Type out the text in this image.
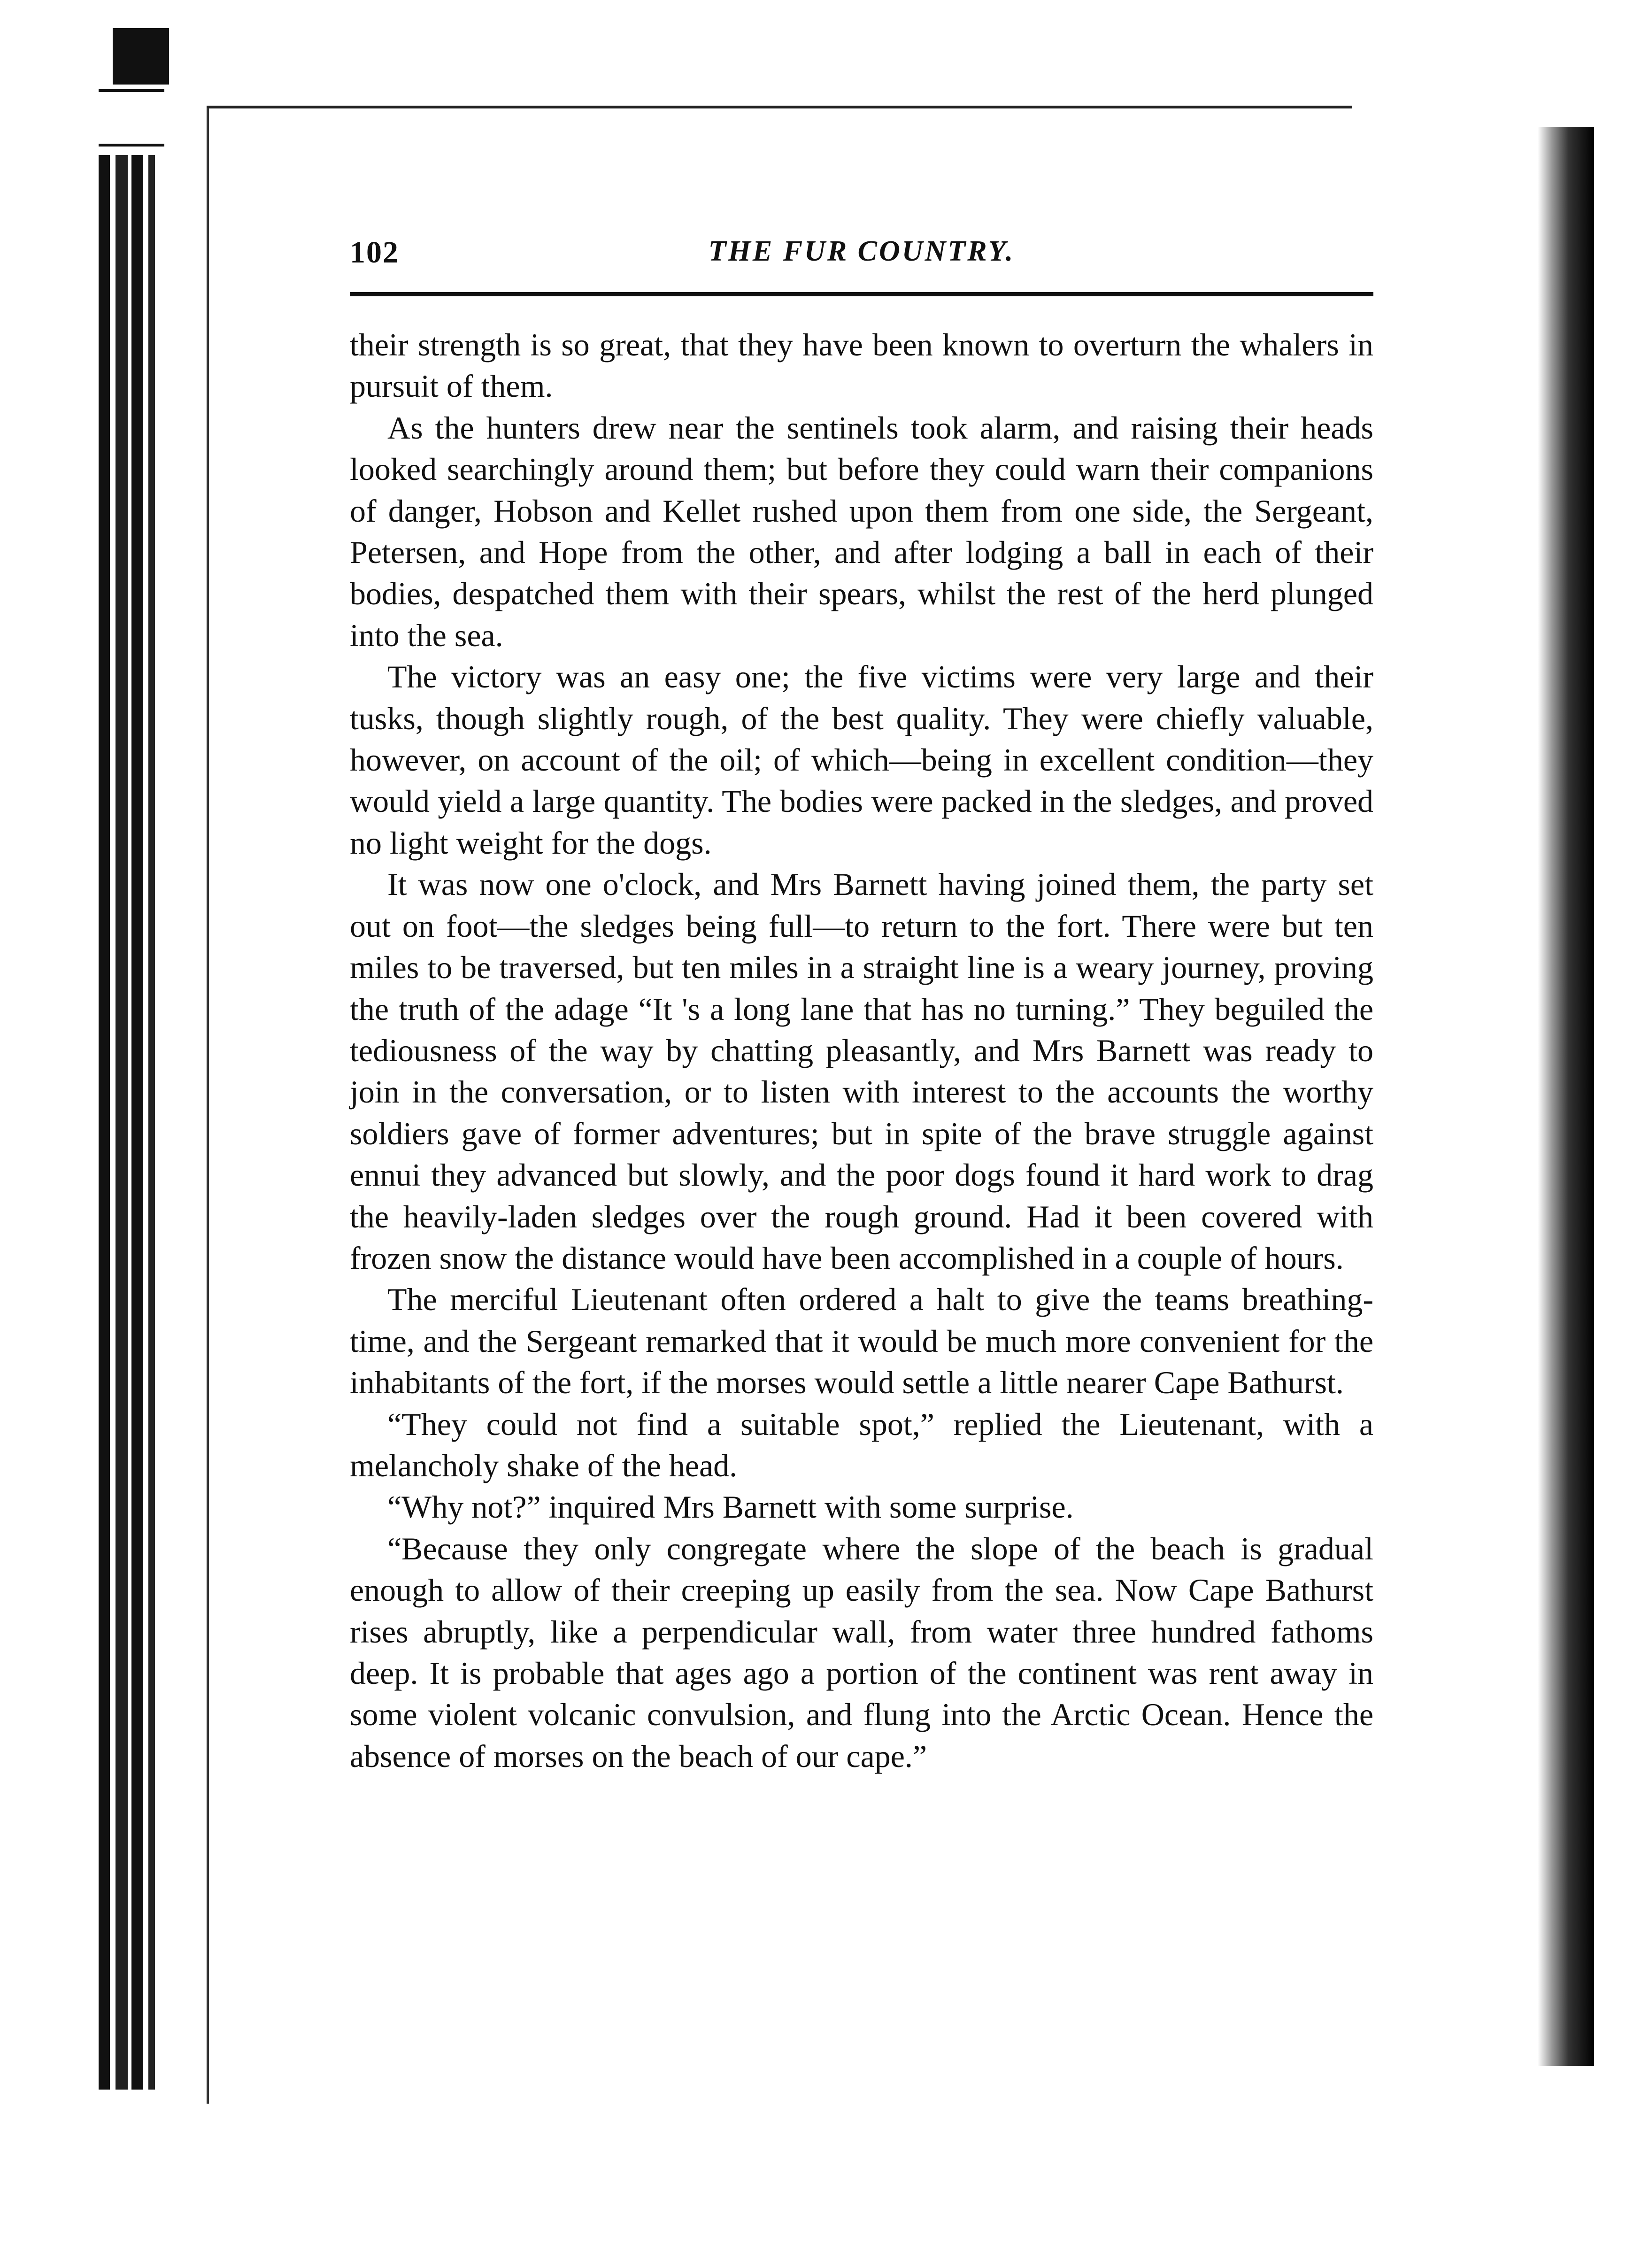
102	THE FUR COUNTRY.

their strength is so great, that they have been known to overturn the whalers in pursuit of them.

As the hunters drew near the sentinels took alarm, and raising their heads looked searchingly around them; but before they could warn their companions of danger, Hobson and Kellet rushed upon them from one side, the Sergeant, Petersen, and Hope from the other, and after lodging a ball in each of their bodies, despatched them with their spears, whilst the rest of the herd plunged into the sea.

The victory was an easy one; the five victims were very large and their tusks, though slightly rough, of the best quality. They were chiefly valuable, however, on account of the oil; of which—being in excellent condition—they would yield a large quantity. The bodies were packed in the sledges, and proved no light weight for the dogs.

It was now one o'clock, and Mrs Barnett having joined them, the party set out on foot—the sledges being full—to return to the fort. There were but ten miles to be traversed, but ten miles in a straight line is a weary journey, proving the truth of the adage “It 's a long lane that has no turning.” They beguiled the tediousness of the way by chatting pleasantly, and Mrs Barnett was ready to join in the conversation, or to listen with interest to the accounts the worthy soldiers gave of former adventures; but in spite of the brave struggle against ennui they advanced but slowly, and the poor dogs found it hard work to drag the heavily-laden sledges over the rough ground. Had it been covered with frozen snow the distance would have been accomplished in a couple of hours.

The merciful Lieutenant often ordered a halt to give the teams breathing-time, and the Sergeant remarked that it would be much more convenient for the inhabitants of the fort, if the morses would settle a little nearer Cape Bathurst.

“They could not find a suitable spot,” replied the Lieutenant, with a melancholy shake of the head.

“Why not?” inquired Mrs Barnett with some surprise.

“Because they only congregate where the slope of the beach is gradual enough to allow of their creeping up easily from the sea. Now Cape Bathurst rises abruptly, like a perpendicular wall, from water three hundred fathoms deep. It is probable that ages ago a portion of the continent was rent away in some violent volcanic convulsion, and flung into the Arctic Ocean. Hence the absence of morses on the beach of our cape.”
